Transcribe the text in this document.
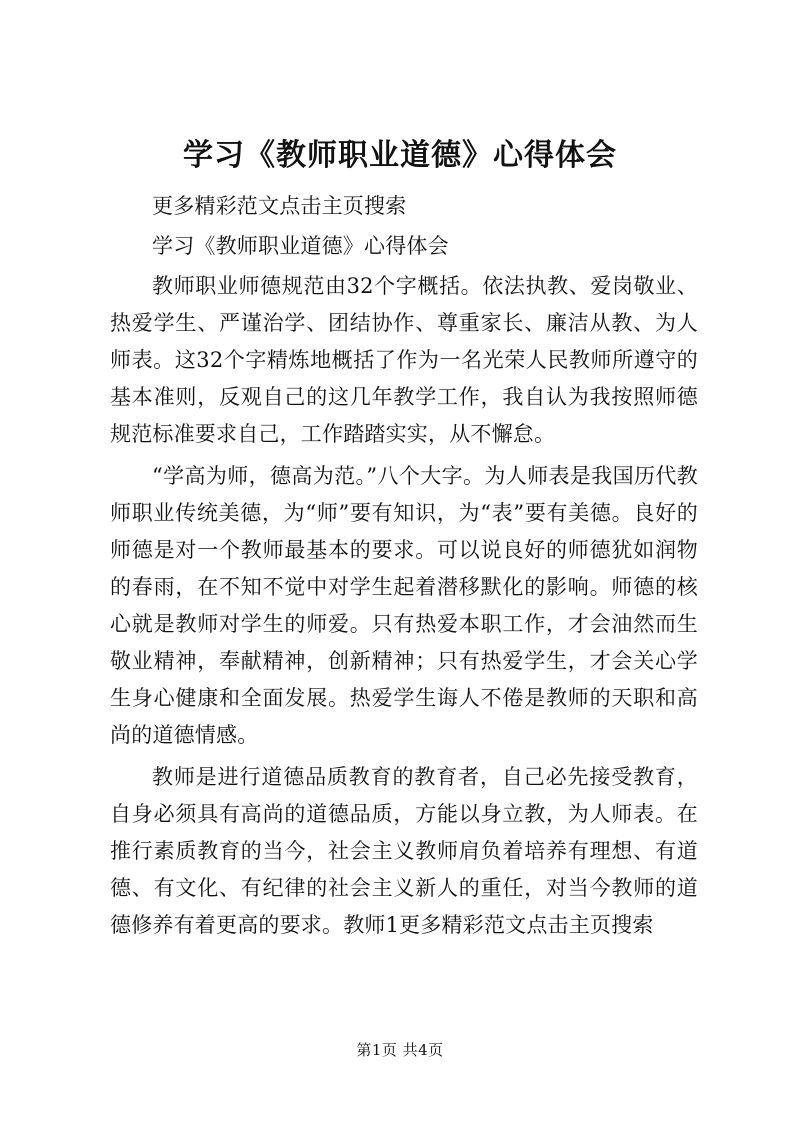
学习《教师职业道德》心得体会

更多精彩范文点击主页搜索

学习《教师职业道德》心得体会

教师职业师德规范由32个字概括。依法执教、爱岗敬业、热爱学生、严谨治学、团结协作、尊重家长、廉洁从教、为人师表。这32个字精炼地概括了作为一名光荣人民教师所遵守的基本准则，反观自己的这几年教学工作，我自认为我按照师德规范标准要求自己，工作踏踏实实，从不懈怠。

“学高为师，德高为范。”八个大字。为人师表是我国历代教师职业传统美德，为“师”要有知识，为“表”要有美德。良好的师德是对一个教师最基本的要求。可以说良好的师德犹如润物的春雨，在不知不觉中对学生起着潜移默化的影响。师德的核心就是教师对学生的师爱。只有热爱本职工作，才会油然而生敬业精神，奉献精神，创新精神；只有热爱学生，才会关心学生身心健康和全面发展。热爱学生诲人不倦是教师的天职和高尚的道德情感。

教师是进行道德品质教育的教育者，自己必先接受教育，自身必须具有高尚的道德品质，方能以身立教，为人师表。在推行素质教育的当今，社会主义教师肩负着培养有理想、有道德、有文化、有纪律的社会主义新人的重任，对当今教师的道德修养有着更高的要求。教师1更多精彩范文点击主页搜索

第1页 共4页
